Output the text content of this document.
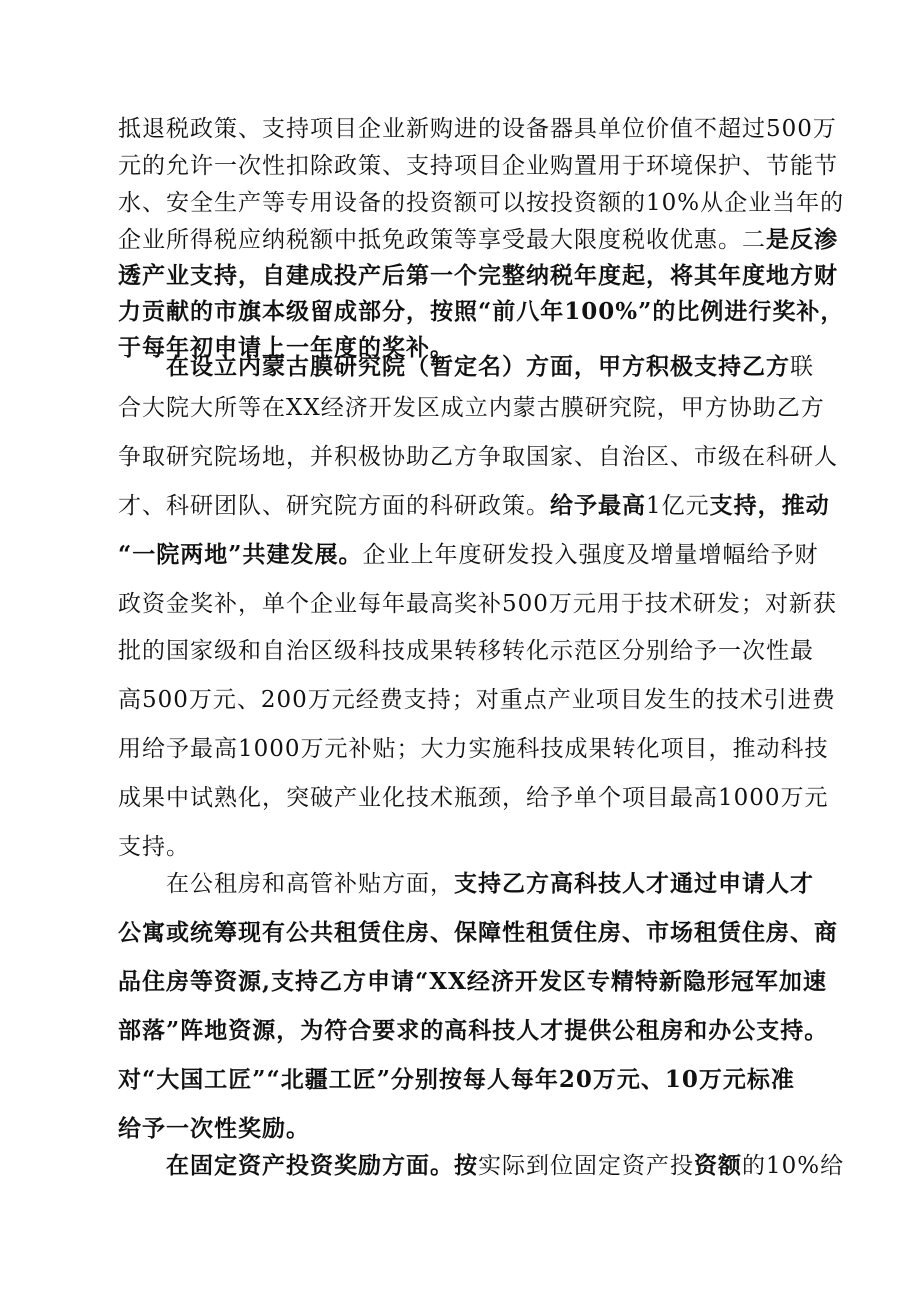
抵退税政策、支持项目企业新购进的设备器具单位价值不超过500万
元的允许一次性扣除政策、支持项目企业购置用于环境保护、节能节
水、安全生产等专用设备的投资额可以按投资额的10%从企业当年的
企业所得税应纳税额中抵免政策等享受最大限度税收优惠。二是反渗
透产业支持，自建成投产后第一个完整纳税年度起，将其年度地方财
力贡献的市旗本级留成部分，按照“前八年100%”的比例进行奖补，
于每年初申请上一年度的奖补。
在设立内蒙古膜研究院（暂定名）方面，甲方积极支持乙方联
合大院大所等在XX经济开发区成立内蒙古膜研究院，甲方协助乙方
争取研究院场地，并积极协助乙方争取国家、自治区、市级在科研人
才、科研团队、研究院方面的科研政策。给予最高1亿元支持，推动
“一院两地”共建发展。企业上年度研发投入强度及增量增幅给予财
政资金奖补，单个企业每年最高奖补500万元用于技术研发；对新获
批的国家级和自治区级科技成果转移转化示范区分别给予一次性最
高500万元、200万元经费支持；对重点产业项目发生的技术引进费
用给予最高1000万元补贴；大力实施科技成果转化项目，推动科技
成果中试熟化，突破产业化技术瓶颈，给予单个项目最高1000万元
支持。
在公租房和高管补贴方面，支持乙方高科技人才通过申请人才
公寓或统筹现有公共租赁住房、保障性租赁住房、市场租赁住房、商
品住房等资源,支持乙方申请“XX经济开发区专精特新隐形冠军加速
部落”阵地资源，为符合要求的高科技人才提供公租房和办公支持。
对“大国工匠”“北疆工匠”分别按每人每年20万元、10万元标准
给予一次性奖励。
在固定资产投资奖励方面。按实际到位固定资产投资额的10%给
